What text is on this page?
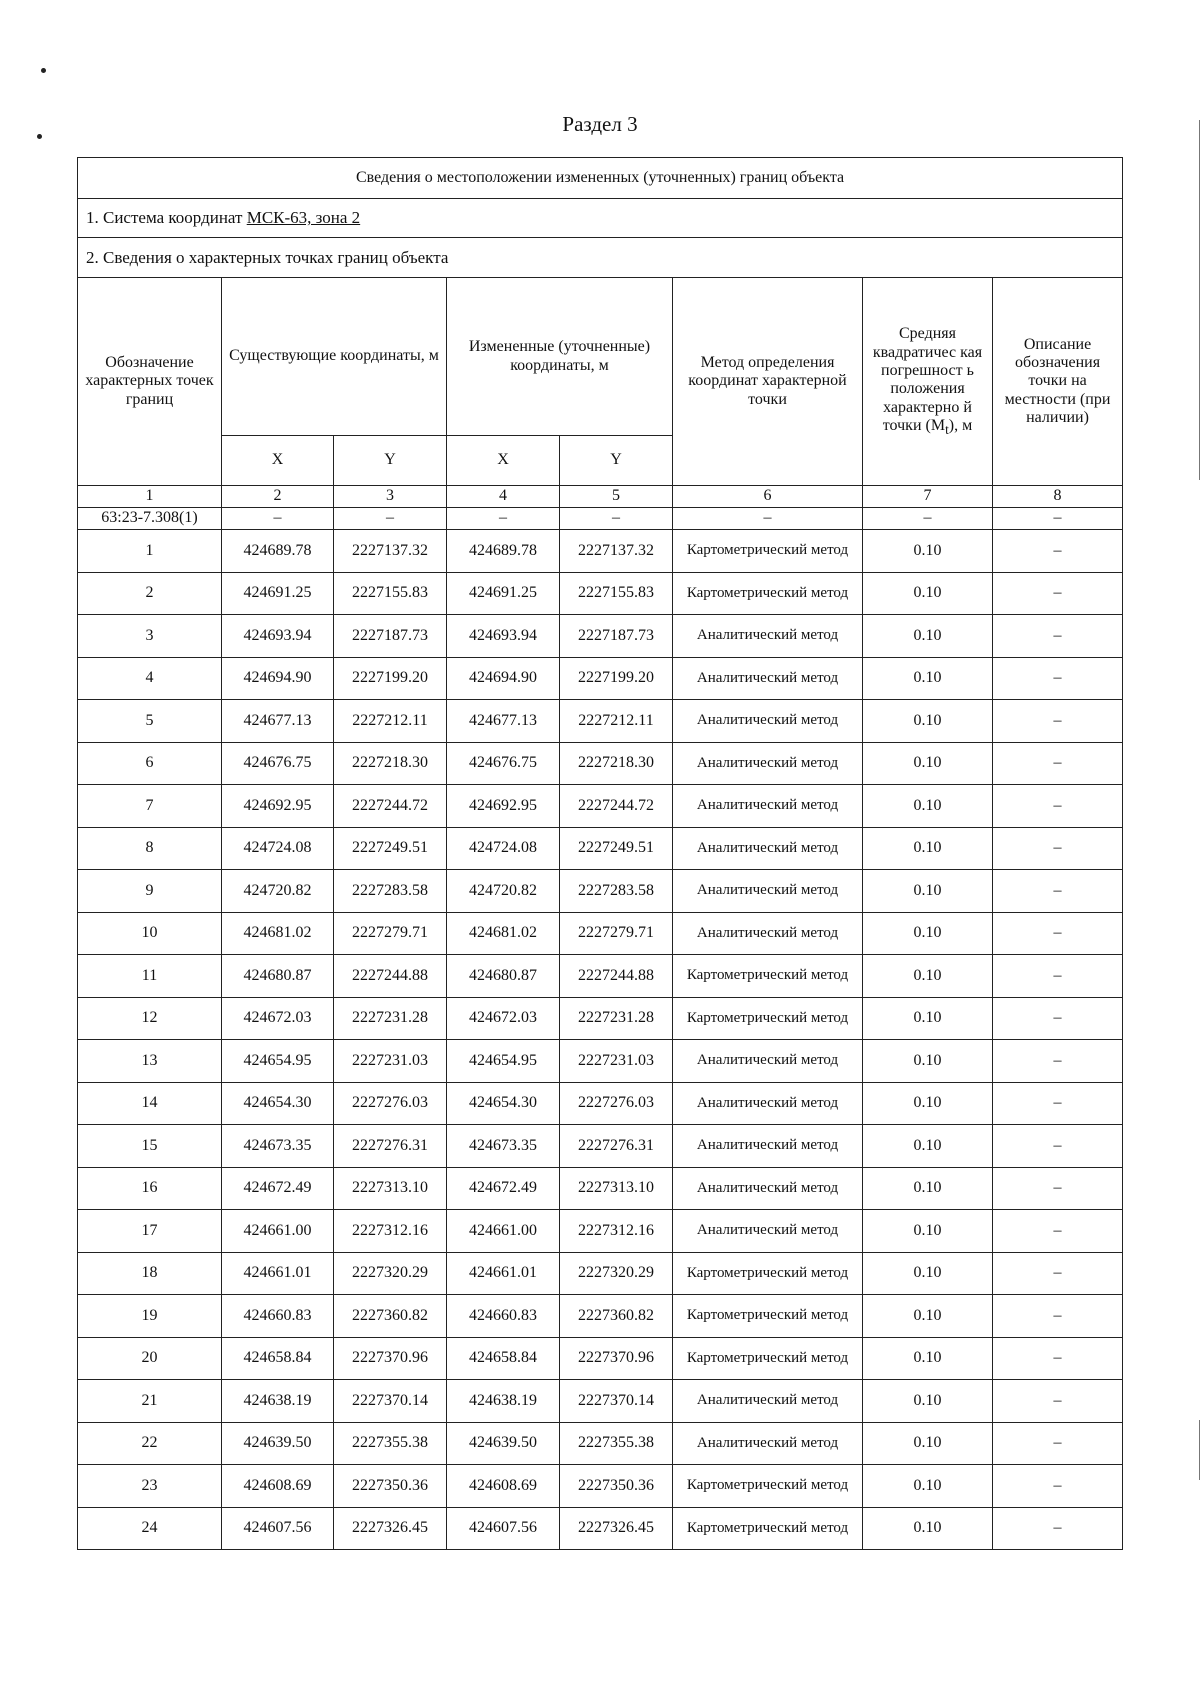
Раздел 3
Сведения о местоположении измененных (уточненных) границ объекта							
1. Система координат МСК-63, зона 2							
2. Сведения о характерных точках границ объекта							
Обозначение характерных точек границ	Существующие координаты, м		Измененные (уточненные) координаты, м		Метод определения координат характерной точки	Средняя квадратичес кая погрешност ь положения характерно й точки $(M_t)$, м	Описание обозначения точки на местности (при наличии)
	X	Y	X	Y			
1	2	3	4	5	6	7	8
63:23-7.308(1)	–	–	–	–	–	–	–
1	424689.78	2227137.32	424689.78	2227137.32	Картометрический метод	0.10	–
2	424691.25	2227155.83	424691.25	2227155.83	Картометрический метод	0.10	–
3	424693.94	2227187.73	424693.94	2227187.73	Аналитический метод	0.10	–
4	424694.90	2227199.20	424694.90	2227199.20	Аналитический метод	0.10	–
5	424677.13	2227212.11	424677.13	2227212.11	Аналитический метод	0.10	–
6	424676.75	2227218.30	424676.75	2227218.30	Аналитический метод	0.10	–
7	424692.95	2227244.72	424692.95	2227244.72	Аналитический метод	0.10	–
8	424724.08	2227249.51	424724.08	2227249.51	Аналитический метод	0.10	–
9	424720.82	2227283.58	424720.82	2227283.58	Аналитический метод	0.10	–
10	424681.02	2227279.71	424681.02	2227279.71	Аналитический метод	0.10	–
11	424680.87	2227244.88	424680.87	2227244.88	Картометрический метод	0.10	–
12	424672.03	2227231.28	424672.03	2227231.28	Картометрический метод	0.10	–
13	424654.95	2227231.03	424654.95	2227231.03	Аналитический метод	0.10	–
14	424654.30	2227276.03	424654.30	2227276.03	Аналитический метод	0.10	–
15	424673.35	2227276.31	424673.35	2227276.31	Аналитический метод	0.10	–
16	424672.49	2227313.10	424672.49	2227313.10	Аналитический метод	0.10	–
17	424661.00	2227312.16	424661.00	2227312.16	Аналитический метод	0.10	–
18	424661.01	2227320.29	424661.01	2227320.29	Картометрический метод	0.10	–
19	424660.83	2227360.82	424660.83	2227360.82	Картометрический метод	0.10	–
20	424658.84	2227370.96	424658.84	2227370.96	Картометрический метод	0.10	–
21	424638.19	2227370.14	424638.19	2227370.14	Аналитический метод	0.10	–
22	424639.50	2227355.38	424639.50	2227355.38	Аналитический метод	0.10	–
23	424608.69	2227350.36	424608.69	2227350.36	Картометрический метод	0.10	–
24	424607.56	2227326.45	424607.56	2227326.45	Картометрический метод	0.10	–
